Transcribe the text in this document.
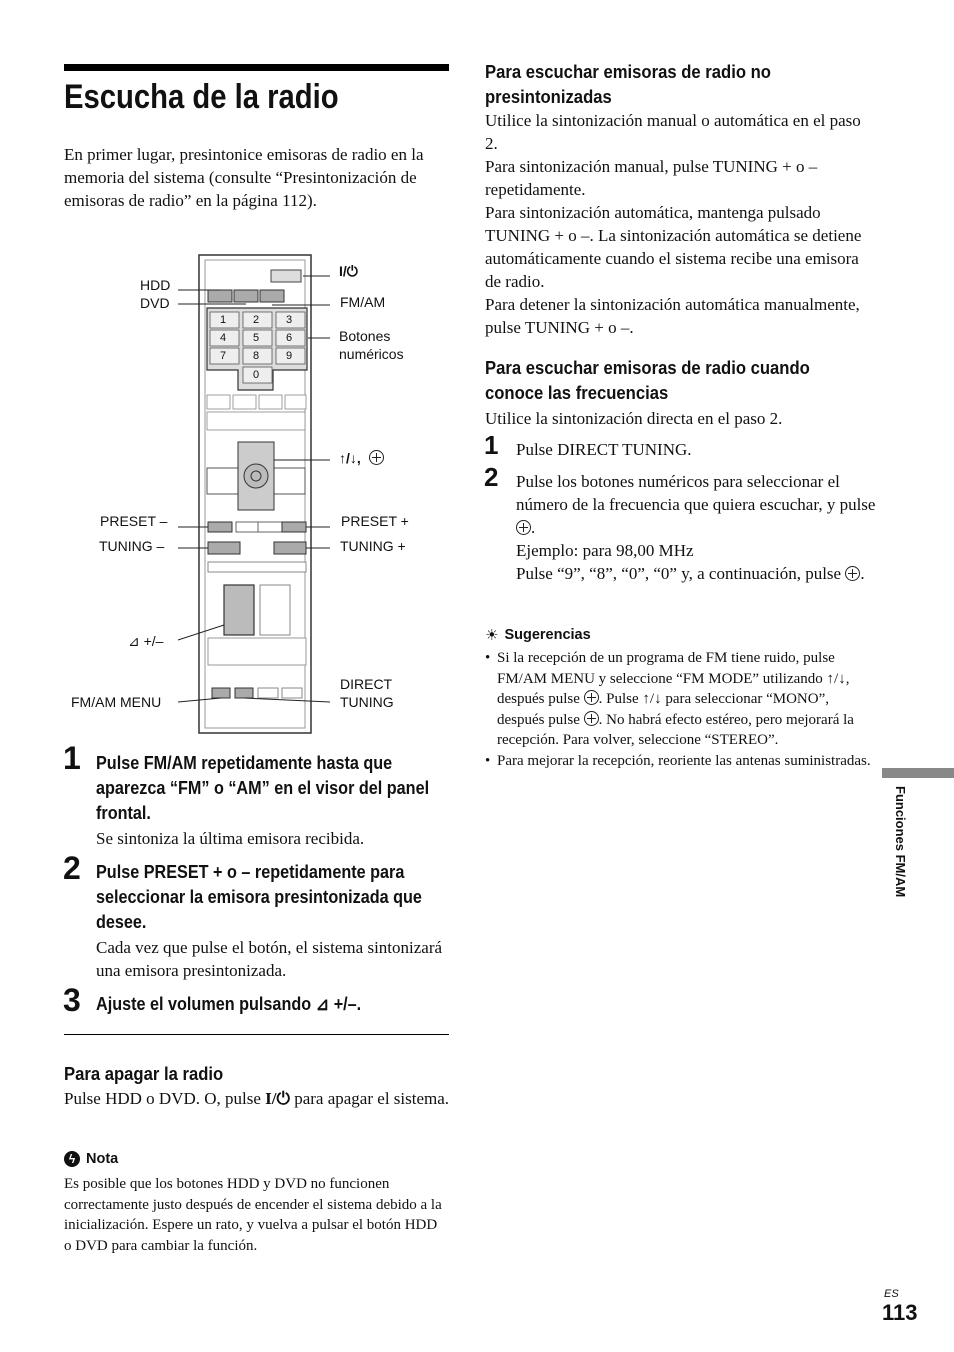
Escucha de la radio
En primer lugar, presintonice emisoras de radio en la memoria del sistema (consulte “Presintonización de emisoras de radio” en la página 112).
1 2 3
4 5 6
7 8 9
0
HDD
DVD
I/⏻
FM/AM
Botones
numéricos
↑/↓,
PRESET –	PRESET +
TUNING –	TUNING +
⊿ +/–
DIRECT
TUNING
FM/AM MENU
1 Pulse FM/AM repetidamente hasta que aparezca “FM” o “AM” en el visor del panel frontal.
Se sintoniza la última emisora recibida.
2 Pulse PRESET + o – repetidamente para seleccionar la emisora presintonizada que desee.
Cada vez que pulse el botón, el sistema sintonizará una emisora presintonizada.
3 Ajuste el volumen pulsando ⊿ +/–.
Para apagar la radio
Pulse HDD o DVD. O, pulse I/⏻ para apagar el sistema.
ϟ Nota
Es posible que los botones HDD y DVD no funcionen correctamente justo después de encender el sistema debido a la inicialización. Espere un rato, y vuelva a pulsar el botón HDD o DVD para cambiar la función.
Para escuchar emisoras de radio no presintonizadas
Utilice la sintonización manual o automática en el paso 2.
Para sintonización manual, pulse TUNING + o – repetidamente.
Para sintonización automática, mantenga pulsado TUNING + o –. La sintonización automática se detiene automáticamente cuando el sistema recibe una emisora de radio.
Para detener la sintonización automática manualmente, pulse TUNING + o –.
Para escuchar emisoras de radio cuando conoce las frecuencias
Utilice la sintonización directa en el paso 2.
1 Pulse DIRECT TUNING.
2 Pulse los botones numéricos para seleccionar el número de la frecuencia que quiera escuchar, y pulse .
Ejemplo: para 98,00 MHz
Pulse “9”, “8”, “0”, “0” y, a continuación, pulse .
☀ Sugerencias
• Si la recepción de un programa de FM tiene ruido, pulse FM/AM MENU y seleccione “FM MODE” utilizando ↑/↓, después pulse . Pulse ↑/↓ para seleccionar “MONO”, después pulse . No habrá efecto estéreo, pero mejorará la recepción. Para volver, seleccione “STEREO”.
• Para mejorar la recepción, reoriente las antenas suministradas.
Funciones FM/AM
ES
113
